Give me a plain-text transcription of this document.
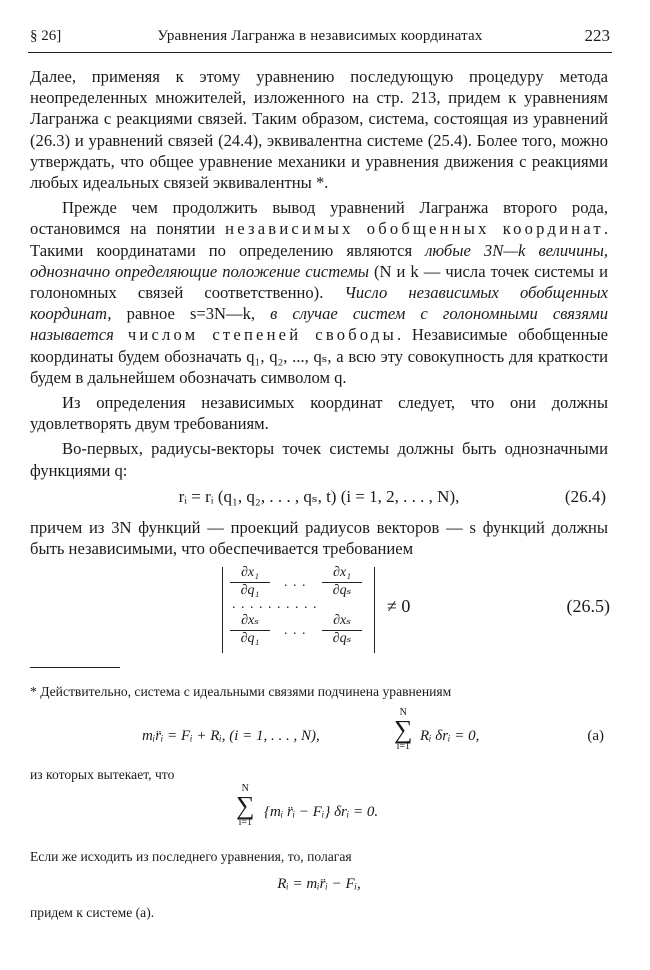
§ 26]	Уравнения Лагранжа в независимых координатах	223

Далее, применяя к этому уравнению последующую процедуру метода неопределенных множителей, изложенного на стр. 213, придем к уравнениям Лагранжа с реакциями связей. Таким образом, система, состоящая из уравнений (26.3) и уравнений связей (24.4), эквивалентна системе (25.4). Более того, можно утверждать, что общее уравнение механики и уравнения движения с реакциями любых идеальных связей эквивалентны *.

Прежде чем продолжить вывод уравнений Лагранжа второго рода, остановимся на понятии независимых обобщенных координат. Такими координатами по определению являются любые 3N—k величины, однозначно определяющие положение системы (N и k — числа точек системы и голономных связей соответственно). Число независимых обобщенных координат, равное s=3N—k, в случае систем с голономными связями называется числом степеней свободы. Независимые обобщенные координаты будем обозначать q₁, q₂, ..., qₛ, а всю эту совокупность для краткости будем в дальнейшем обозначать символом q.

Из определения независимых координат следует, что они должны удовлетворять двум требованиям.

Во-первых, радиусы-векторы точек системы должны быть однозначными функциями q:

rᵢ = rᵢ (q₁, q₂, . . . , qₛ, t) (i = 1, 2, . . . , N),	(26.4)

причем из 3N функций — проекций радиусов векторов — s функций должны быть независимыми, что обеспечивается требованием

$\frac{\text{∂x₁}}{\text{∂q₁}}$ . . . $\frac{\text{∂x₁}}{\text{∂qₛ}}$
. . . . . . . . . .
$\frac{\text{∂xₛ}}{\text{∂q₁}}$ . . . $\frac{\text{∂xₛ}}{\text{∂qₛ}}$
≠ 0	(26.5)
* Действительно, система с идеальными связями подчинена уравнениям
mᵢr̈ᵢ = Fᵢ + Rᵢ, (i = 1, . . . , N),
N
∑
i=1
Rᵢ δrᵢ = 0,	(a)
из которых вытекает, что
N
∑
i=1
{mᵢ r̈ᵢ − Fᵢ} δrᵢ = 0.
Если же исходить из последнего уравнения, то, полагая
Rᵢ = mᵢr̈ᵢ − Fᵢ,
придем к системе (а).
